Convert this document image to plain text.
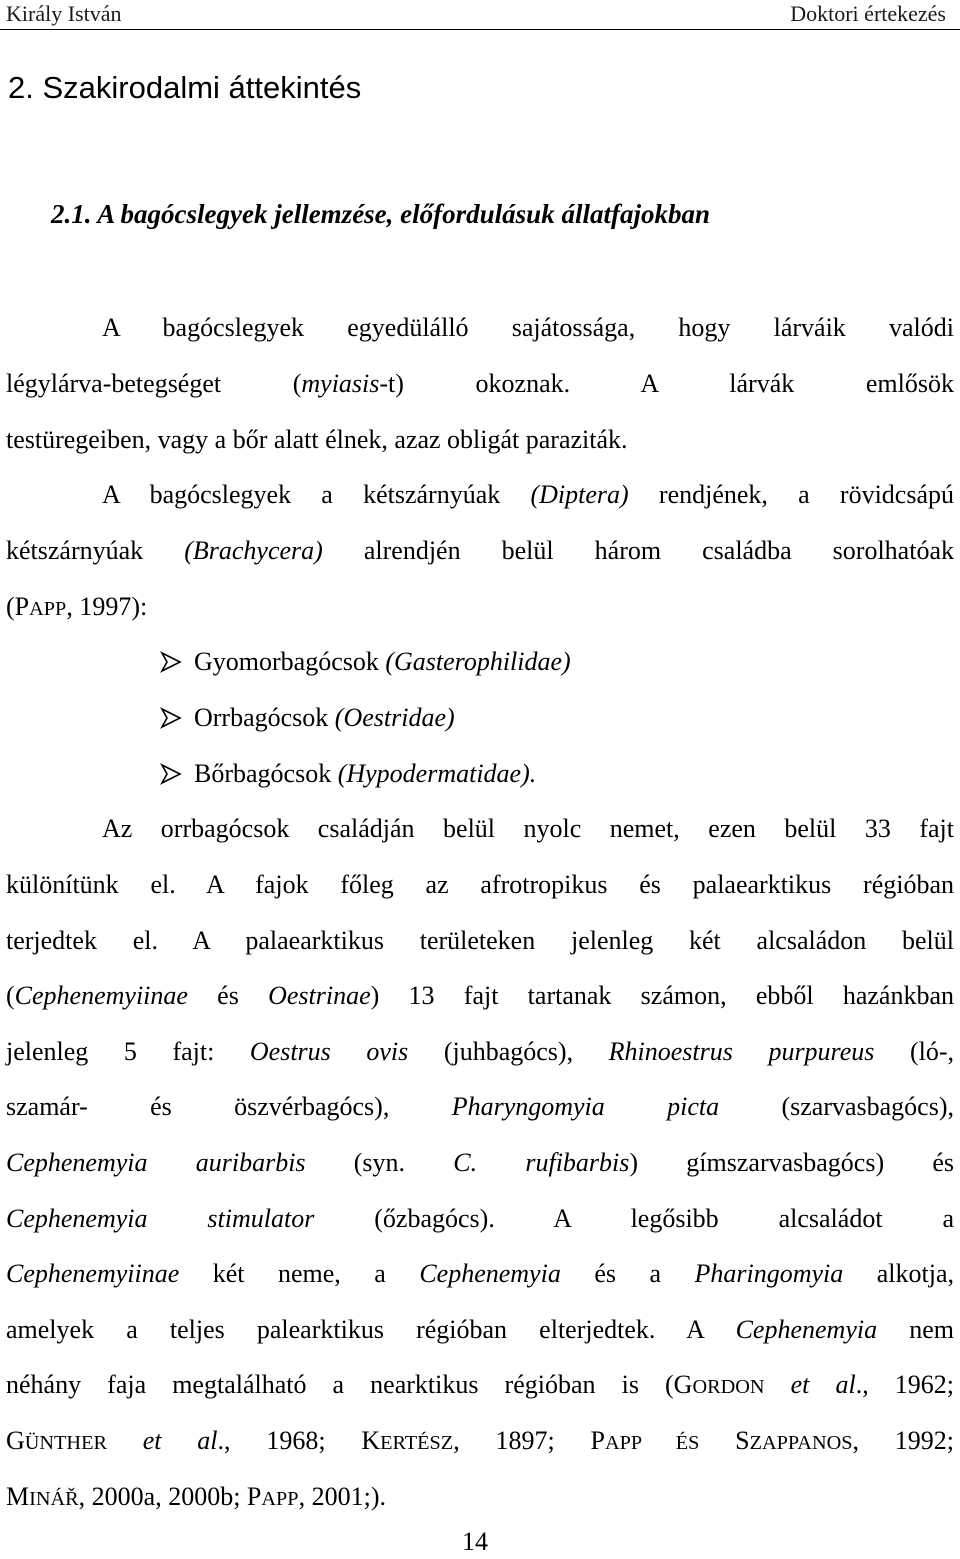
Király István	Doktori értekezés
2. Szakirodalmi áttekintés
2.1. A bagócslegyek jellemzése, előfordulásuk állatfajokban
A bagócslegyek egyedülálló sajátossága, hogy lárváik valódi
légylárva-betegséget (myiasis-t) okoznak. A lárvák emlősök
testüregeiben, vagy a bőr alatt élnek, azaz obligát paraziták.
A bagócslegyek a kétszárnyúak (Diptera) rendjének, a rövidcsápú
kétszárnyúak (Brachycera) alrendjén belül három családba sorolhatóak
(PAPP, 1997):
Gyomorbagócsok (Gasterophilidae)
Orrbagócsok (Oestridae)
Bőrbagócsok (Hypodermatidae).
Az orrbagócsok családján belül nyolc nemet, ezen belül 33 fajt
különítünk el. A fajok főleg az afrotropikus és palaearktikus régióban
terjedtek el. A palaearktikus területeken jelenleg két alcsaládon belül
(Cephenemyiinae és Oestrinae) 13 fajt tartanak számon, ebből hazánkban
jelenleg 5 fajt: Oestrus ovis (juhbagócs), Rhinoestrus purpureus (ló-,
szamár- és öszvérbagócs), Pharyngomyia picta (szarvasbagócs),
Cephenemyia auribarbis (syn. C. rufibarbis) gímszarvasbagócs) és
Cephenemyia stimulator (őzbagócs). A legősibb alcsaládot a
Cephenemyiinae két neme, a Cephenemyia és a Pharingomyia alkotja,
amelyek a teljes palearktikus régióban elterjedtek. A Cephenemyia nem
néhány faja megtalálható a nearktikus régióban is (GORDON et al., 1962;
GÜNTHER et al., 1968; KERTÉSZ, 1897; PAPP ÉS SZAPPANOS, 1992;
MINÁŘ, 2000a, 2000b; PAPP, 2001;).
14
